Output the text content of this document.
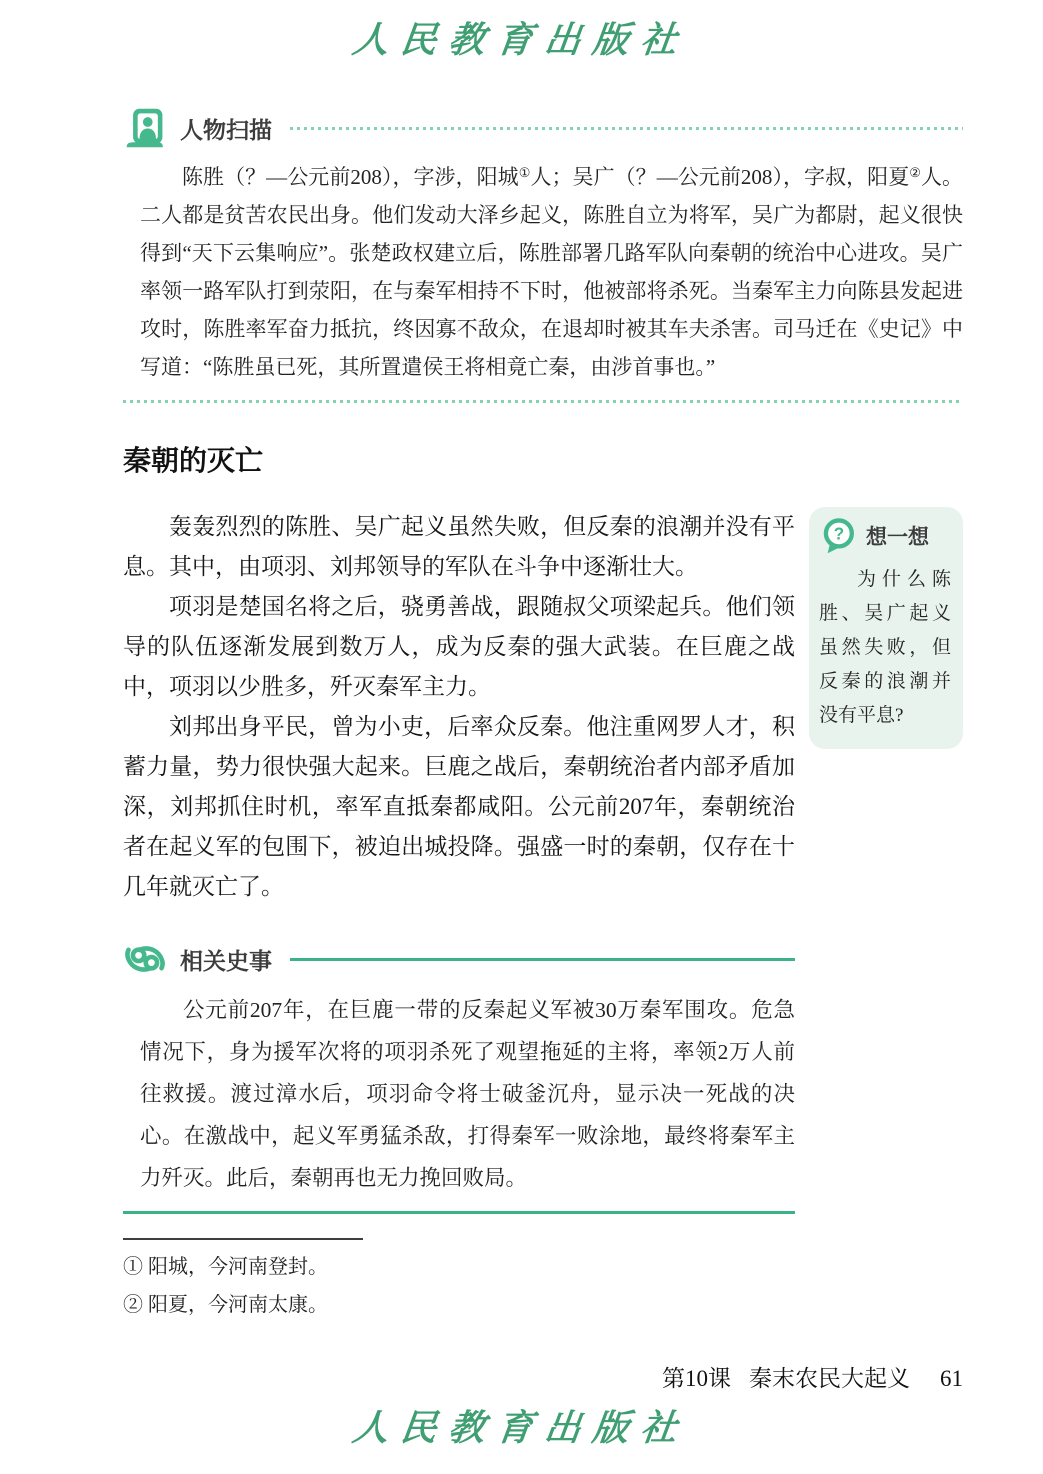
人民教育出版社
人物扫描

陈胜（？—公元前208），字涉，阳城①人；吴广（？—公元前208），字叔，阳夏②人。二人都是贫苦农民出身。他们发动大泽乡起义，陈胜自立为将军，吴广为都尉，起义很快得到“天下云集响应”。张楚政权建立后，陈胜部署几路军队向秦朝的统治中心进攻。吴广率领一路军队打到荥阳，在与秦军相持不下时，他被部将杀死。当秦军主力向陈县发起进攻时，陈胜率军奋力抵抗，终因寡不敌众，在退却时被其车夫杀害。司马迁在《史记》中写道：“陈胜虽已死，其所置遣侯王将相竟亡秦，由涉首事也。”

秦朝的灭亡

轰轰烈烈的陈胜、吴广起义虽然失败，但反秦的浪潮并没有平息。其中，由项羽、刘邦领导的军队在斗争中逐渐壮大。

项羽是楚国名将之后，骁勇善战，跟随叔父项梁起兵。他们领导的队伍逐渐发展到数万人，成为反秦的强大武装。在巨鹿之战中，项羽以少胜多，歼灭秦军主力。

刘邦出身平民，曾为小吏，后率众反秦。他注重网罗人才，积蓄力量，势力很快强大起来。巨鹿之战后，秦朝统治者内部矛盾加深，刘邦抓住时机，率军直抵秦都咸阳。公元前207年，秦朝统治者在起义军的包围下，被迫出城投降。强盛一时的秦朝，仅存在十几年就灭亡了。

? 想一想

为什么陈胜、吴广起义虽然失败，但反秦的浪潮并没有平息?

相关史事

公元前207年，在巨鹿一带的反秦起义军被30万秦军围攻。危急情况下，身为援军次将的项羽杀死了观望拖延的主将，率领2万人前往救援。渡过漳水后，项羽命令将士破釜沉舟，显示决一死战的决心。在激战中，起义军勇猛杀敌，打得秦军一败涂地，最终将秦军主力歼灭。此后，秦朝再也无力挽回败局。

① 阳城，今河南登封。
② 阳夏，今河南太康。
第10课 秦末农民大起义 61
人民教育出版社
